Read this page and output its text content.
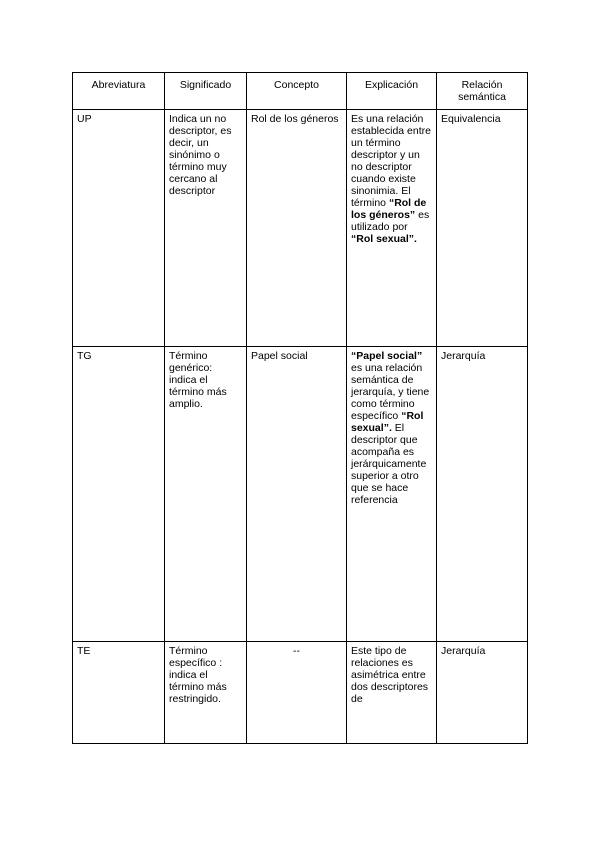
Abreviatura	Significado	Concepto	Explicación	Relación semántica
UP	Indica un no descriptor, es decir, un sinónimo o término muy cercano al descriptor	Rol de los géneros	Es una relación establecida entre un término descriptor y un no descriptor cuando existe sinonimia. El término “Rol de los géneros” es utilizado por “Rol sexual”.	Equivalencia
TG	Término genérico: indica el término más amplio.	Papel social	“Papel social” es una relación semántica de jerarquía, y tiene como término específico “Rol sexual”. El descriptor que acompaña es jerárquicamente superior a otro que se hace referencia	Jerarquía
TE	Término específico : indica el término más restringido.	--	Este tipo de relaciones es asimétrica entre dos descriptores de	Jerarquía
